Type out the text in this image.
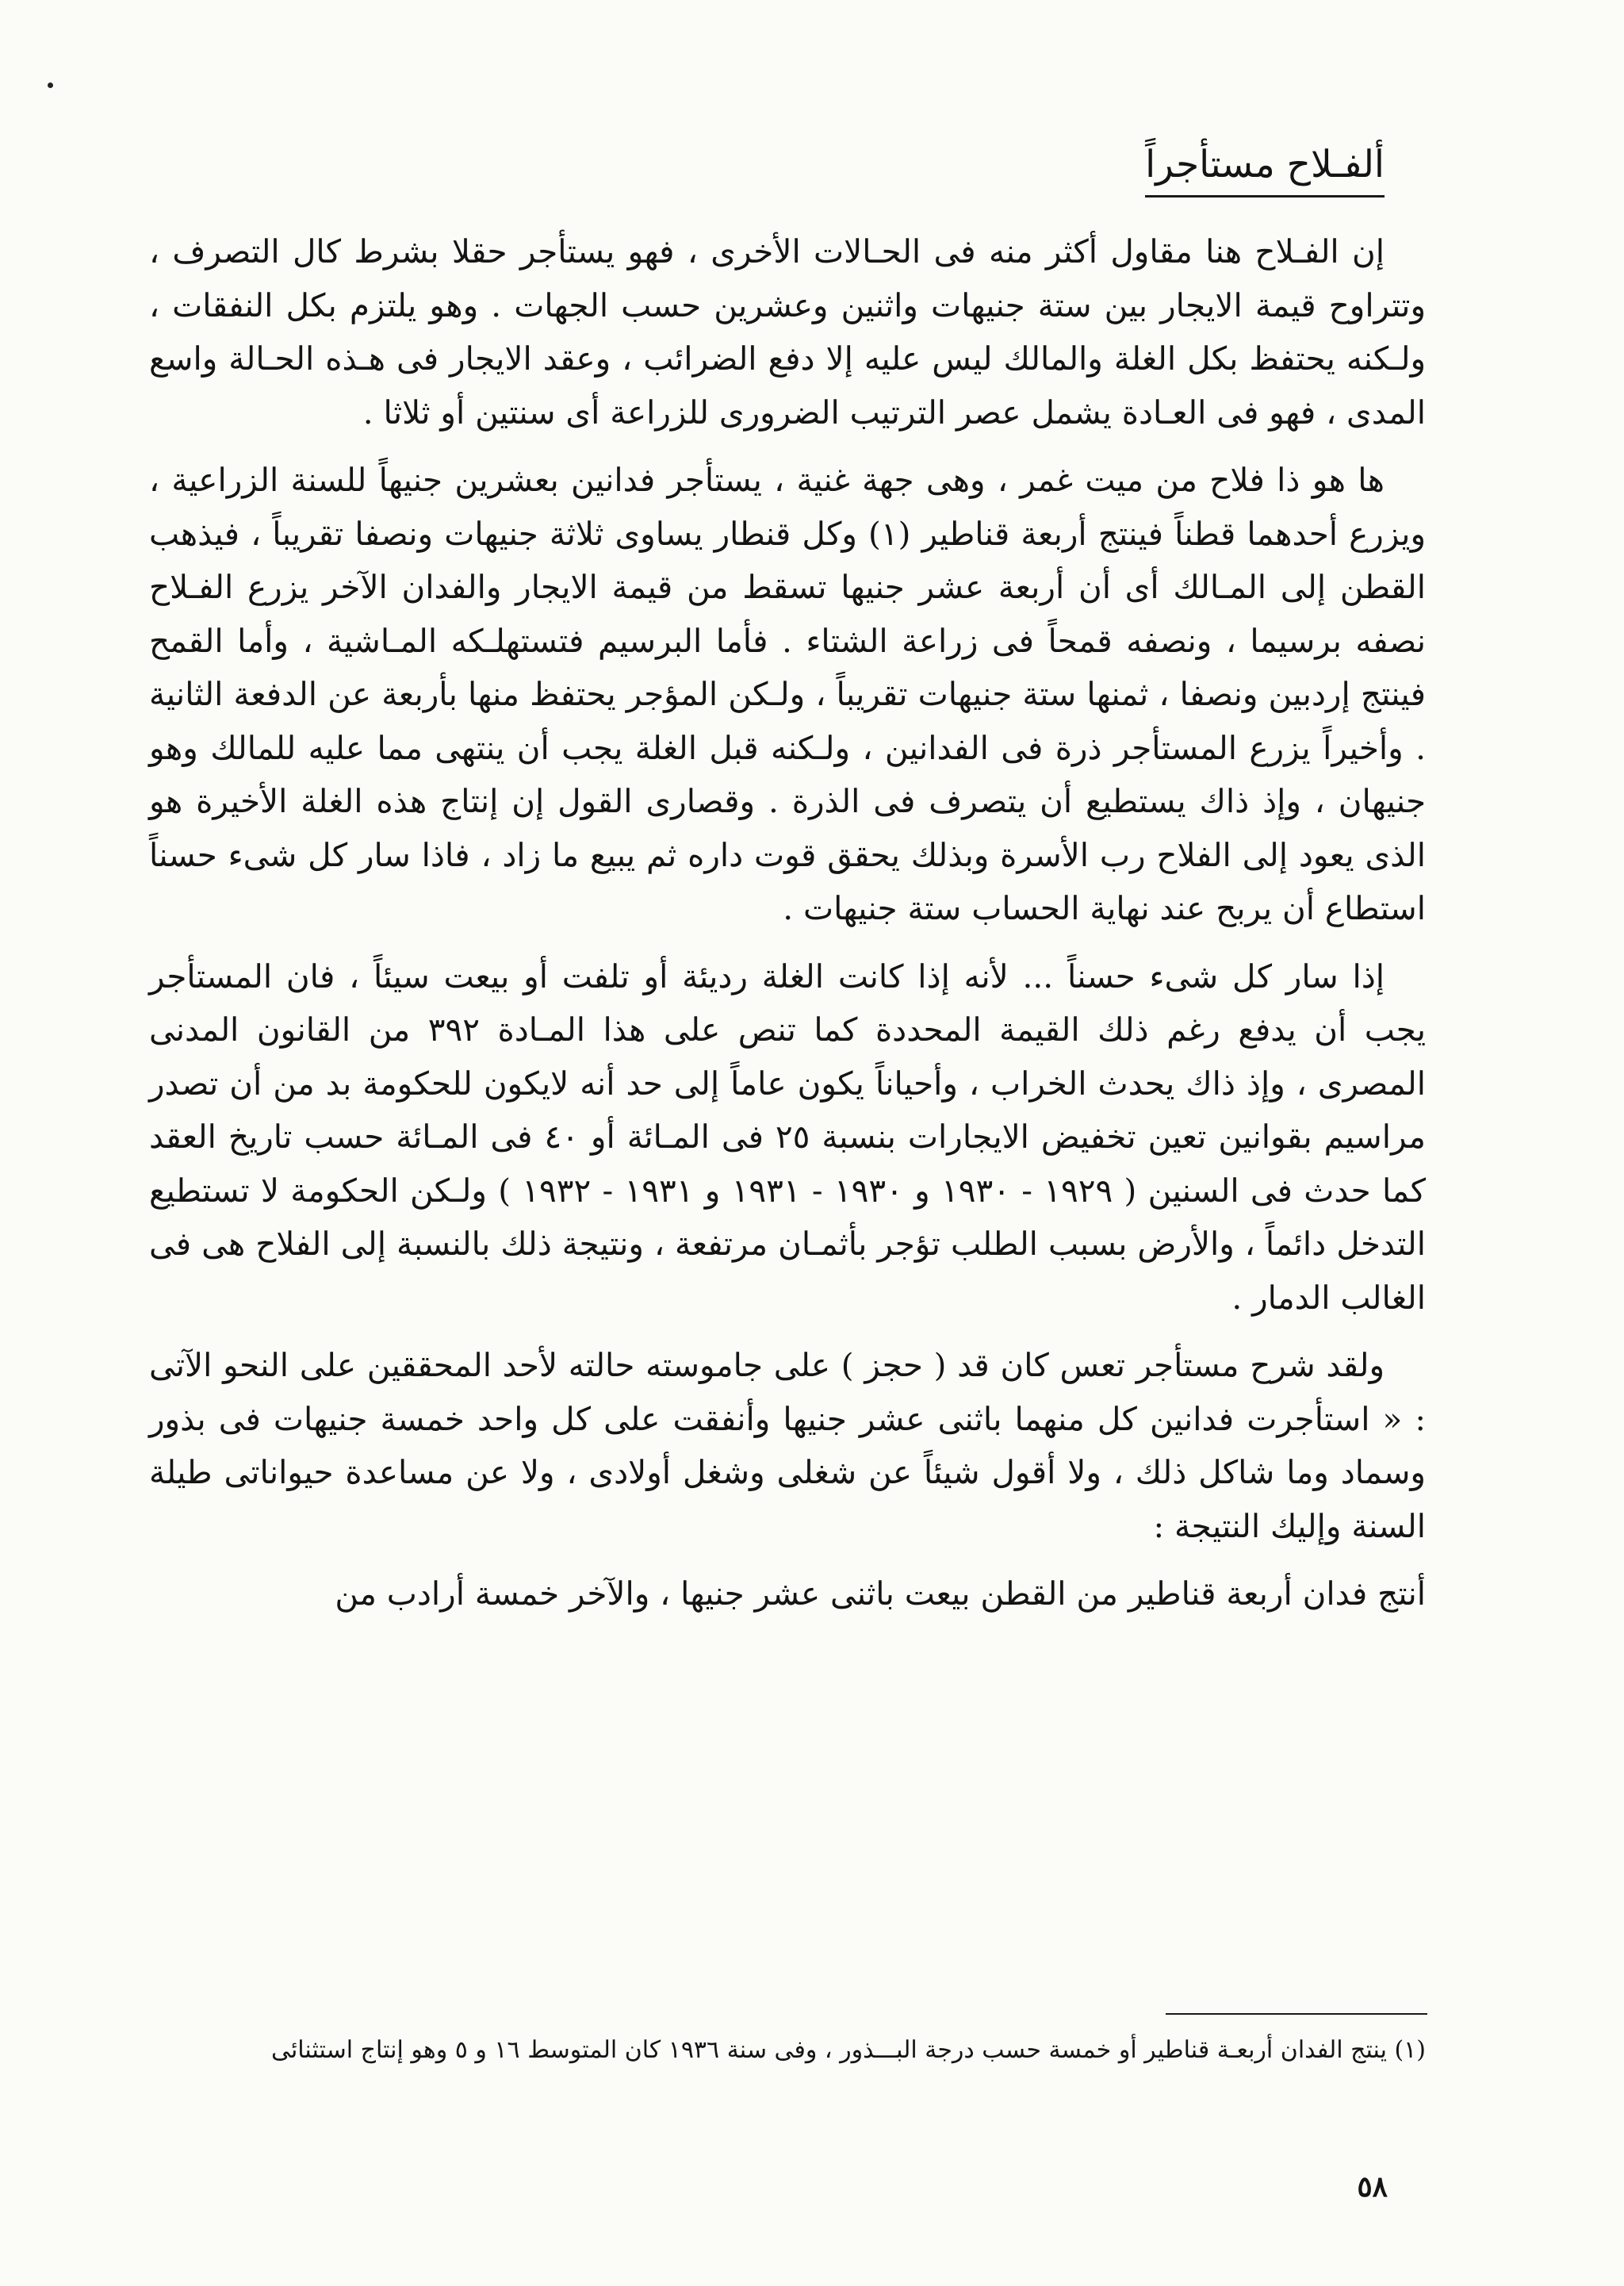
ألفـلاح مستأجراً

إن الفـلاح هنا مقاول أكثر منه فى الحـالات الأخرى ، فهو يستأجر حقلا بشرط كال التصرف ، وتتراوح قيمة الايجار بين ستة جنيهات واثنين وعشرين حسب الجهات . وهو يلتزم بكل النفقات ، ولـكنه يحتفظ بكل الغلة والمالك ليس عليه إلا دفع الضرائب ، وعقد الايجار فى هـذه الحـالة واسع المدى ، فهو فى العـادة يشمل عصر الترتيب الضرورى للزراعة أى سنتين أو ثلاثا .

ها هو ذا فلاح من ميت غمر ، وهى جهة غنية ، يستأجر فدانين بعشرين جنيهاً للسنة الزراعية ، ويزرع أحدهما قطناً فينتج أربعة قناطير (١) وكل قنطار يساوى ثلاثة جنيهات ونصفا تقريباً ، فيذهب القطن إلى المـالك أى أن أربعة عشر جنيها تسقط من قيمة الايجار والفدان الآخر يزرع الفـلاح نصفه برسيما ، ونصفه قمحاً فى زراعة الشتاء . فأما البرسيم فتستهلـكه المـاشية ، وأما القمح فينتج إردبين ونصفا ، ثمنها ستة جنيهات تقريباً ، ولـكن المؤجر يحتفظ منها بأربعة عن الدفعة الثانية . وأخيراً يزرع المستأجر ذرة فى الفدانين ، ولـكنه قبل الغلة يجب أن ينتهى مما عليه للمالك وهو جنيهان ، وإذ ذاك يستطيع أن يتصرف فى الذرة . وقصارى القول إن إنتاج هذه الغلة الأخيرة هو الذى يعود إلى الفلاح رب الأسرة وبذلك يحقق قوت داره ثم يبيع ما زاد ، فاذا سار كل شىء حسناً استطاع أن يربح عند نهاية الحساب ستة جنيهات .

إذا سار كل شىء حسناً ... لأنه إذا كانت الغلة رديئة أو تلفت أو بيعت سيئاً ، فان المستأجر يجب أن يدفع رغم ذلك القيمة المحددة كما تنص على هذا المـادة ٣٩٢ من القانون المدنى المصرى ، وإذ ذاك يحدث الخراب ، وأحياناً يكون عاماً إلى حد أنه لايكون للحكومة بد من أن تصدر مراسيم بقوانين تعين تخفيض الايجارات بنسبة ٢٥ فى المـائة أو ٤٠ فى المـائة حسب تاريخ العقد كما حدث فى السنين ( ١٩٢٩ - ١٩٣٠ و ١٩٣٠ - ١٩٣١ و ١٩٣١ - ١٩٣٢ ) ولـكن الحكومة لا تستطيع التدخل دائماً ، والأرض بسبب الطلب تؤجر بأثمـان مرتفعة ، ونتيجة ذلك بالنسبة إلى الفلاح هى فى الغالب الدمار .

ولقد شرح مستأجر تعس كان قد ( حجز ) على جاموسته حالته لأحد المحققين على النحو الآتى : « استأجرت فدانين كل منهما باثنى عشر جنيها وأنفقت على كل واحد خمسة جنيهات فى بذور وسماد وما شاكل ذلك ، ولا أقول شيئاً عن شغلى وشغل أولادى ، ولا عن مساعدة حيواناتى طيلة السنة وإليك النتيجة :

أنتج فدان أربعة قناطير من القطن بيعت باثنى عشر جنيها ، والآخر خمسة أرادب من

(١) ينتج الفدان أربعـة قناطير أو خمسة حسب درجة البـــذور ، وفى سنة ١٩٣٦ كان المتوسط ١٦ و ٥ وهو إنتاج استثنائى
٥٨
